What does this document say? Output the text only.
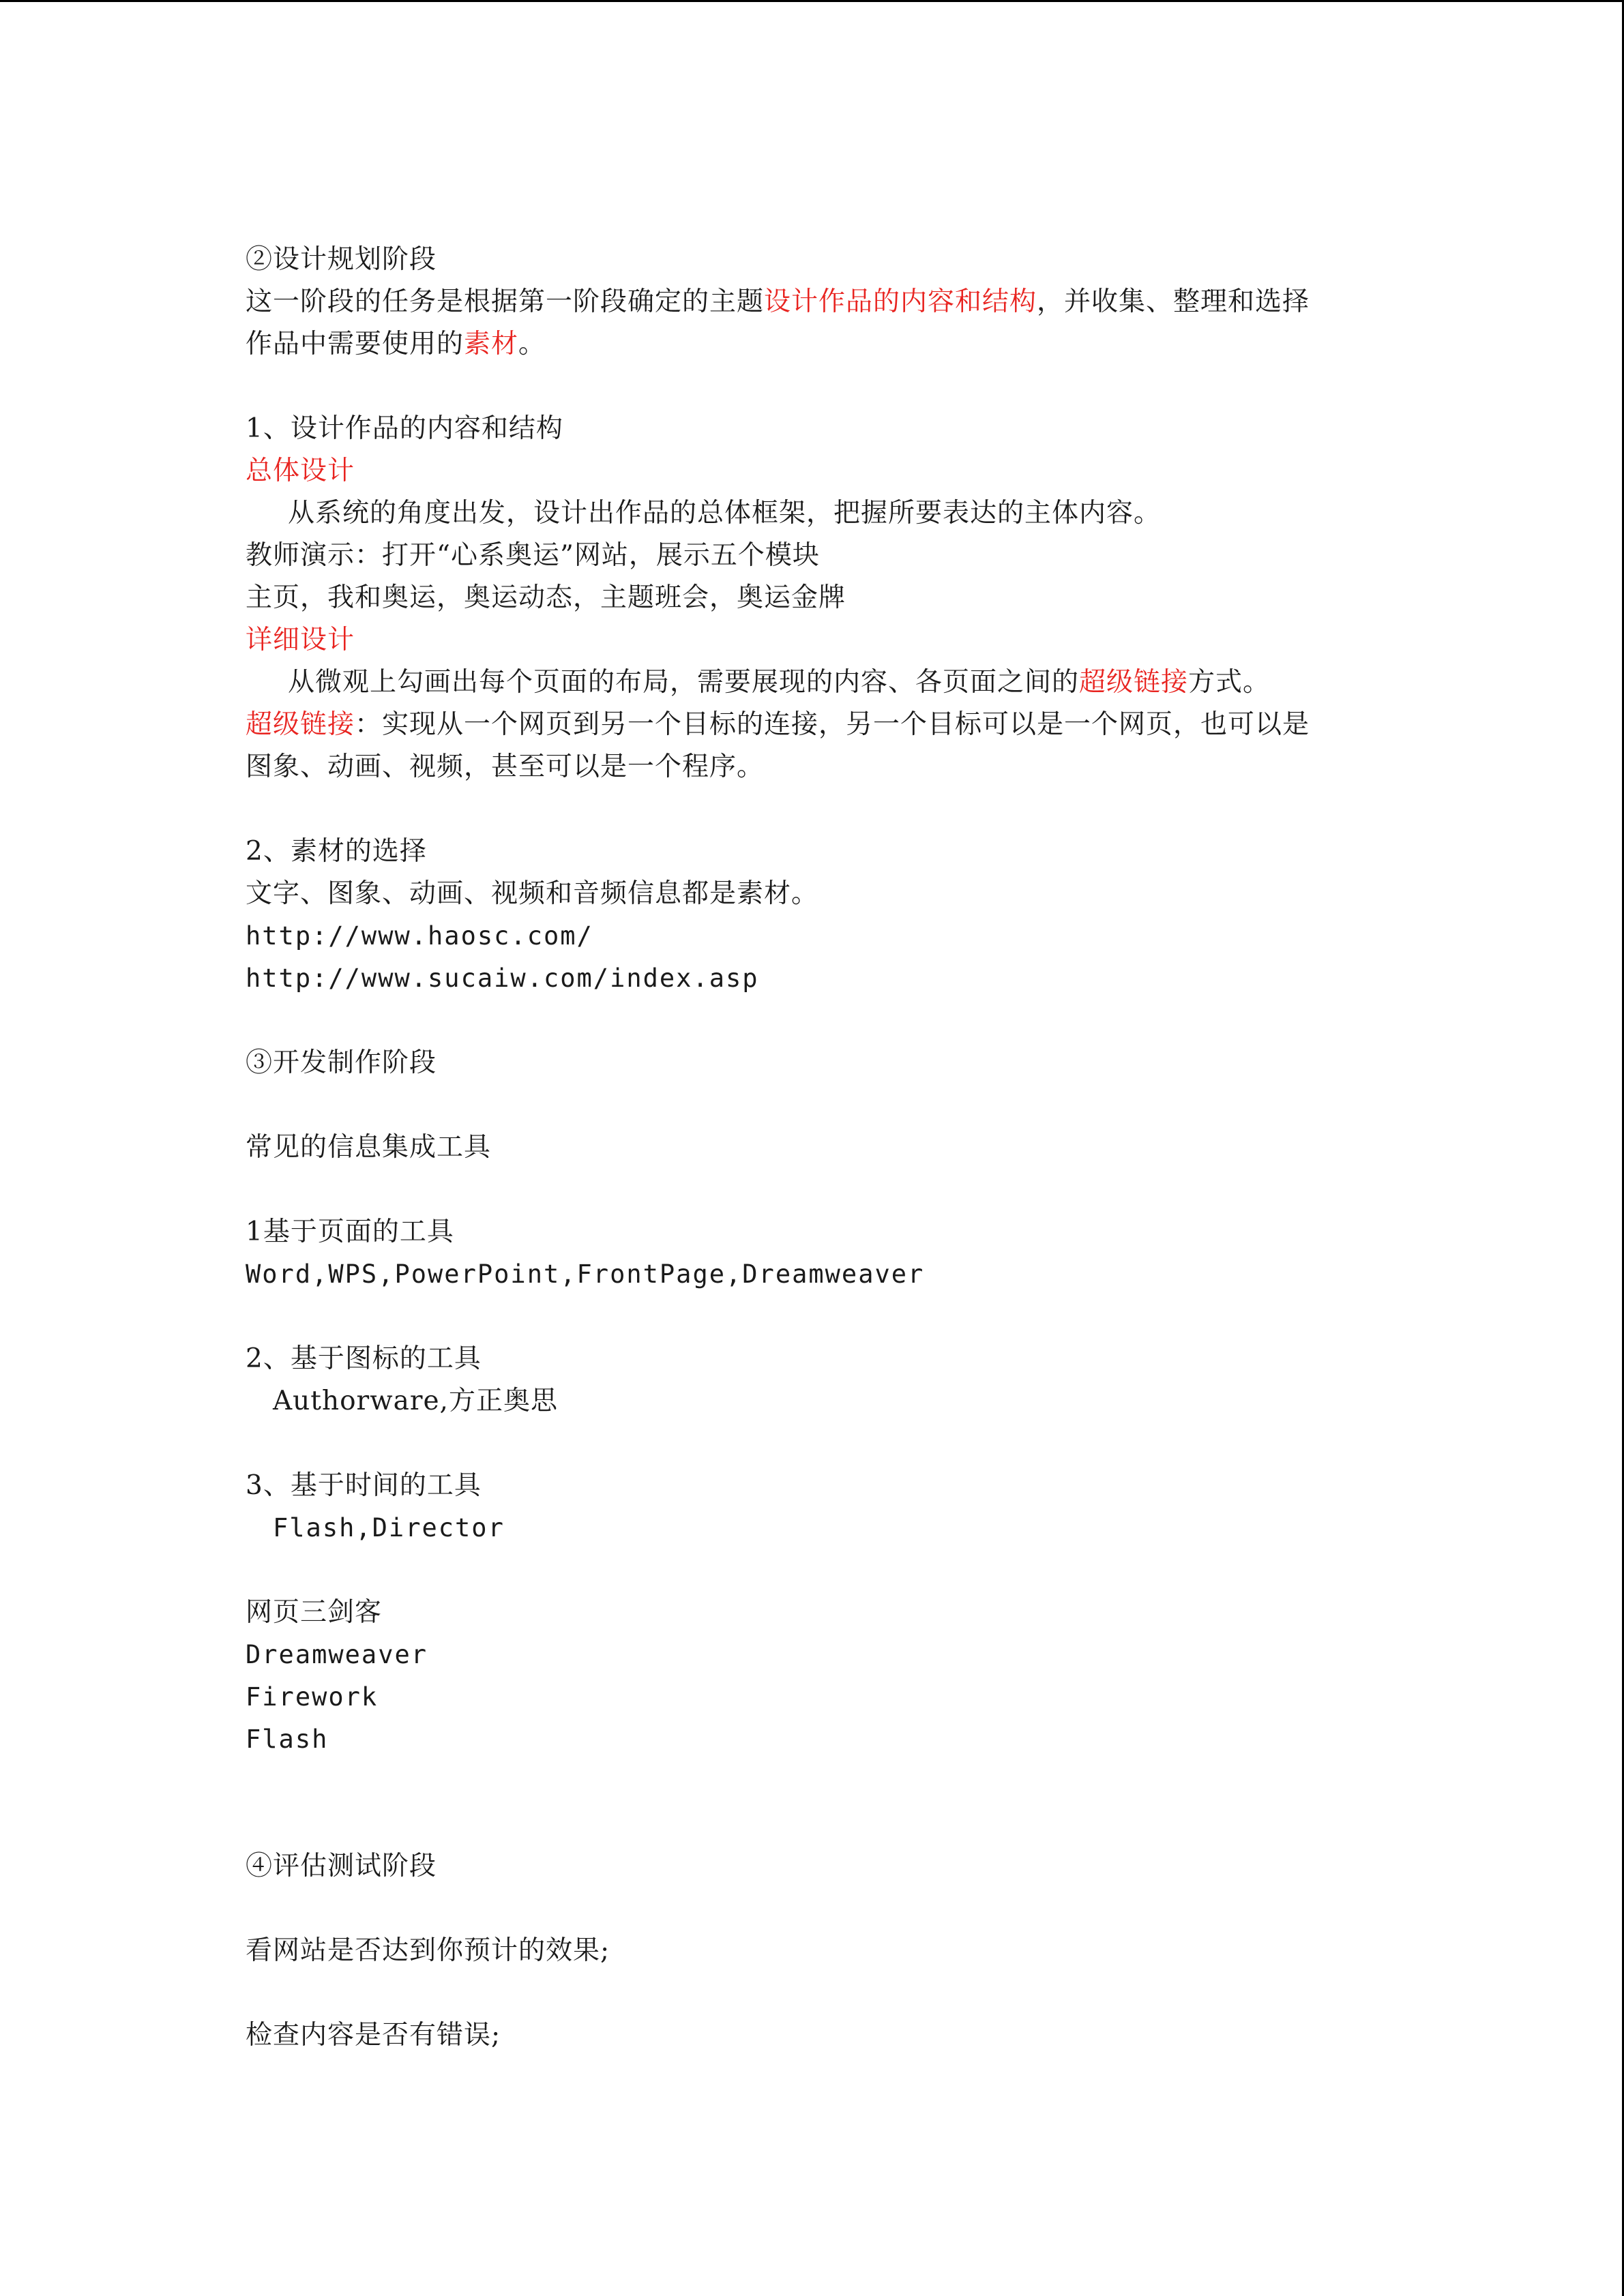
②设计规划阶段
这一阶段的任务是根据第一阶段确定的主题设计作品的内容和结构，并收集、整理和选择
作品中需要使用的素材。
1、设计作品的内容和结构
总体设计
从系统的角度出发，设计出作品的总体框架，把握所要表达的主体内容。
教师演示：打开“心系奥运”网站，展示五个模块
主页，我和奥运，奥运动态，主题班会，奥运金牌
详细设计
从微观上勾画出每个页面的布局，需要展现的内容、各页面之间的超级链接方式。
超级链接：实现从一个网页到另一个目标的连接，另一个目标可以是一个网页，也可以是
图象、动画、视频，甚至可以是一个程序。
2、素材的选择
文字、图象、动画、视频和音频信息都是素材。
http://www.haosc.com/
http://www.sucaiw.com/index.asp
③开发制作阶段
常见的信息集成工具
1基于页面的工具
Word,WPS,PowerPoint,FrontPage,Dreamweaver
2、基于图标的工具
Authorware,方正奥思
3、基于时间的工具
Flash,Director
网页三剑客
Dreamweaver
Firework
Flash
④评估测试阶段
看网站是否达到你预计的效果;
检查内容是否有错误;
